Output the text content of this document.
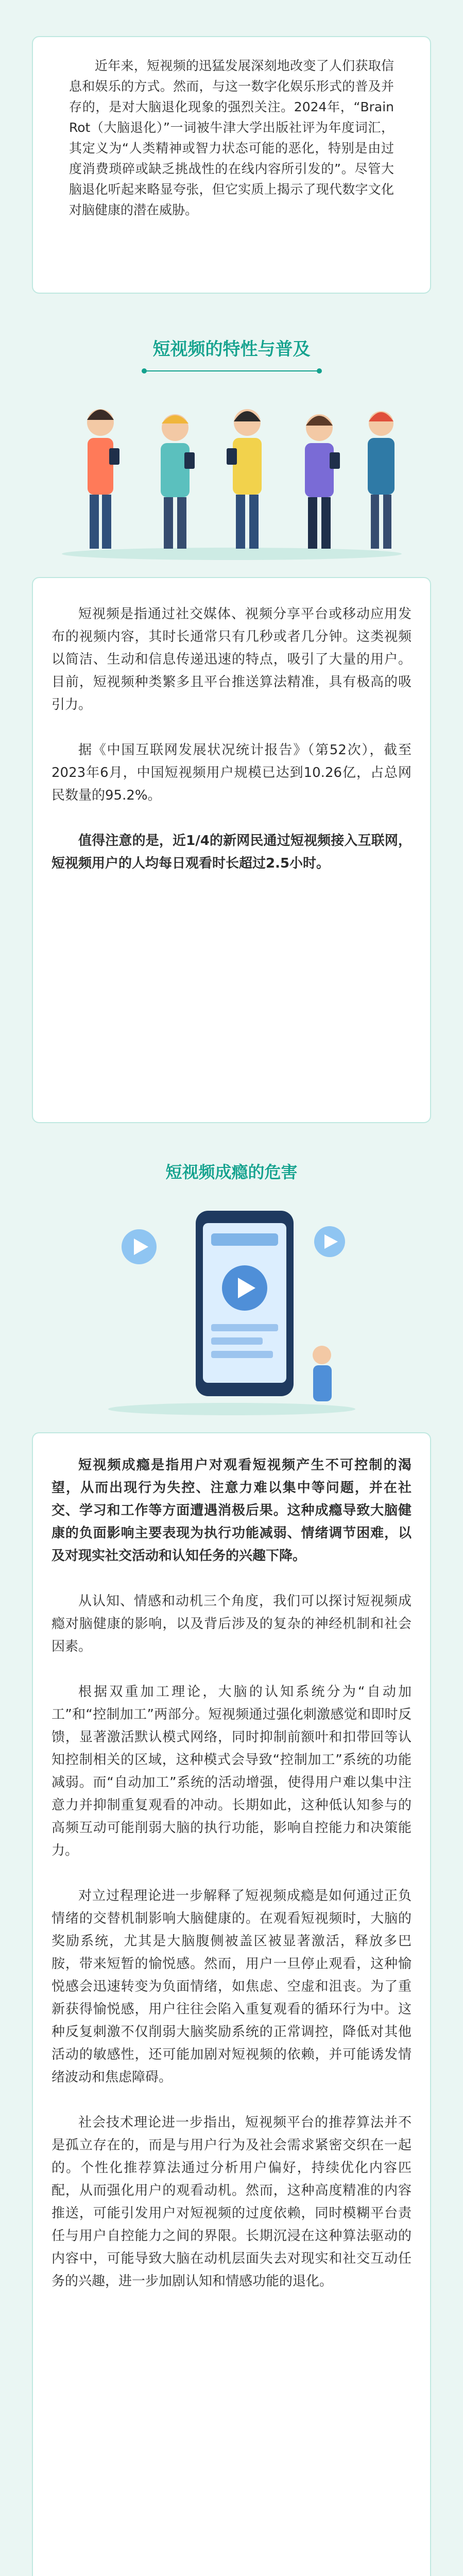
近年来，短视频的迅猛发展深刻地改变了人们获取信息和娱乐的方式。然而，与这一数字化娱乐形式的普及并存的，是对大脑退化现象的强烈关注。2024年，“Brain Rot（大脑退化）”一词被牛津大学出版社评为年度词汇，其定义为“人类精神或智力状态可能的恶化，特别是由过度消费琐碎或缺乏挑战性的在线内容所引发的”。尽管大脑退化听起来略显夸张，但它实质上揭示了现代数字文化对脑健康的潜在威胁。

短视频的特性与普及

短视频是指通过社交媒体、视频分享平台或移动应用发布的视频内容，其时长通常只有几秒或者几分钟。这类视频以简洁、生动和信息传递迅速的特点，吸引了大量的用户。目前，短视频种类繁多且平台推送算法精准，具有极高的吸引力。

据《中国互联网发展状况统计报告》（第52次），截至2023年6月，中国短视频用户规模已达到10.26亿，占总网民数量的95.2%。

值得注意的是，近1/4的新网民通过短视频接入互联网，短视频用户的人均每日观看时长超过2.5小时。

短视频成瘾的危害

短视频成瘾是指用户对观看短视频产生不可控制的渴望，从而出现行为失控、注意力难以集中等问题，并在社交、学习和工作等方面遭遇消极后果。这种成瘾导致大脑健康的负面影响主要表现为执行功能减弱、情绪调节困难，以及对现实社交活动和认知任务的兴趣下降。

从认知、情感和动机三个角度，我们可以探讨短视频成瘾对脑健康的影响，以及背后涉及的复杂的神经机制和社会因素。

根据双重加工理论，大脑的认知系统分为“自动加工”和“控制加工”两部分。短视频通过强化刺激感觉和即时反馈，显著激活默认模式网络，同时抑制前额叶和扣带回等认知控制相关的区域，这种模式会导致“控制加工”系统的功能减弱。而“自动加工”系统的活动增强，使得用户难以集中注意力并抑制重复观看的冲动。长期如此，这种低认知参与的高频互动可能削弱大脑的执行功能，影响自控能力和决策能力。

对立过程理论进一步解释了短视频成瘾是如何通过正负情绪的交替机制影响大脑健康的。在观看短视频时，大脑的奖励系统，尤其是大脑腹侧被盖区被显著激活，释放多巴胺，带来短暂的愉悦感。然而，用户一旦停止观看，这种愉悦感会迅速转变为负面情绪，如焦虑、空虚和沮丧。为了重新获得愉悦感，用户往往会陷入重复观看的循环行为中。这种反复刺激不仅削弱大脑奖励系统的正常调控，降低对其他活动的敏感性，还可能加剧对短视频的依赖，并可能诱发情绪波动和焦虑障碍。

社会技术理论进一步指出，短视频平台的推荐算法并不是孤立存在的，而是与用户行为及社会需求紧密交织在一起的。个性化推荐算法通过分析用户偏好，持续优化内容匹配，从而强化用户的观看动机。然而，这种高度精准的内容推送，可能引发用户对短视频的过度依赖，同时模糊平台责任与用户自控能力之间的界限。长期沉浸在这种算法驱动的内容中，可能导致大脑在动机层面失去对现实和社交互动任务的兴趣，进一步加剧认知和情感功能的退化。
